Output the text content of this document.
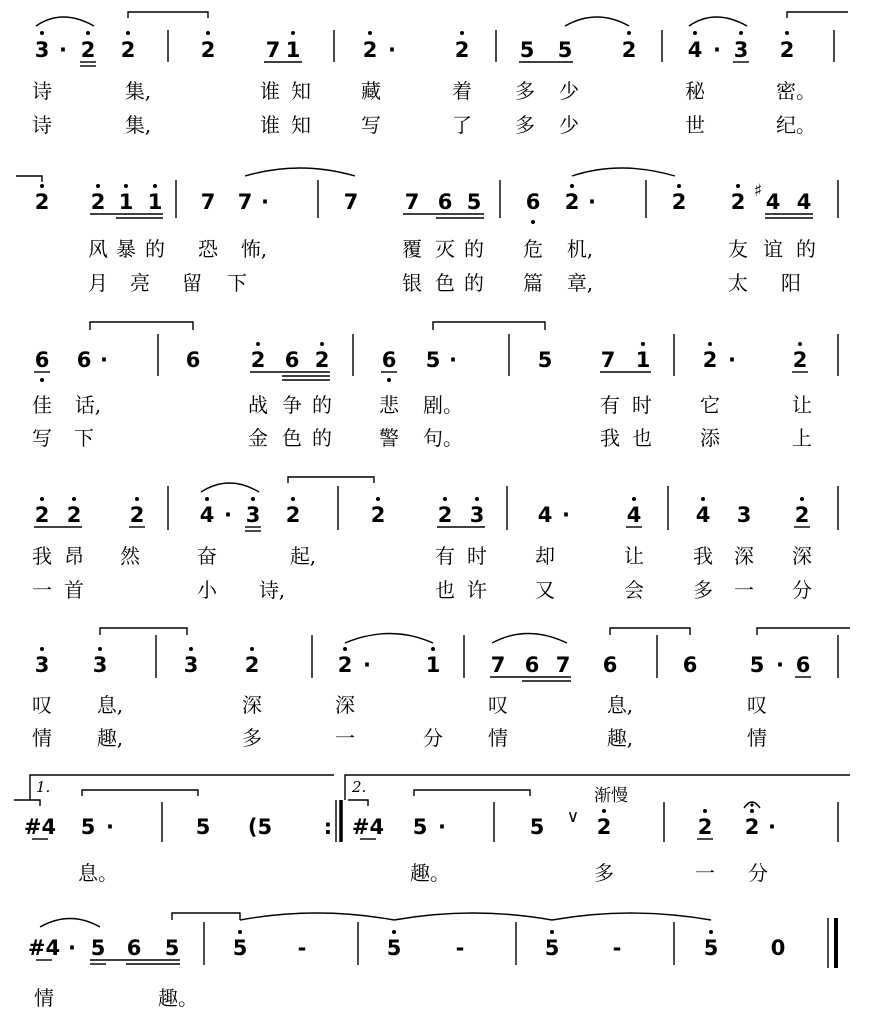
3 · 2 2	2 7 1	2 ·	2 5 5 2 4 · 3 2
诗	集,	谁 知	藏	着 多 少	秘	密。
诗	集,	谁 知	写	了 多 少	世	纪。
2 2 1 1 7 7 ·	7 7 6 5 6 2 ·	2 2 4 4
♯
风 暴 的 恐 怖,	覆 灭 的 危 机,	友 谊 的
月 亮 留 下	银 色 的 篇 章,	太 阳
6 6 ·	6 2 6 2 6 5 ·	5 7 1 2 ·	2
佳 话,	战 争 的 悲 剧。	有 时 它	让
写 下	金 色 的 警 句。	我 也 添	上
2 2 2	4 · 3 2	2 2 3	4 ·	4	4 3 2
我 昂 然	奋	起,	有 时 却	让 我 深 深
一 首	小 诗,	也 许 又	会 多 一 分
3 3	3 2	2 ·	1 7 6 7 6	6 5 · 6
叹 息,	深	深	叹	息,	叹
情 趣,	多	一	分 情	趣,	情
1.	2.	渐慢
#4 5 ·	5 (5 : #4 5 ·	5 2	2 2 ·
∨
息。	趣。	多	一 分
#4 · 5 6 5	5 -	5	-	5	-	5 0
情	趣。
